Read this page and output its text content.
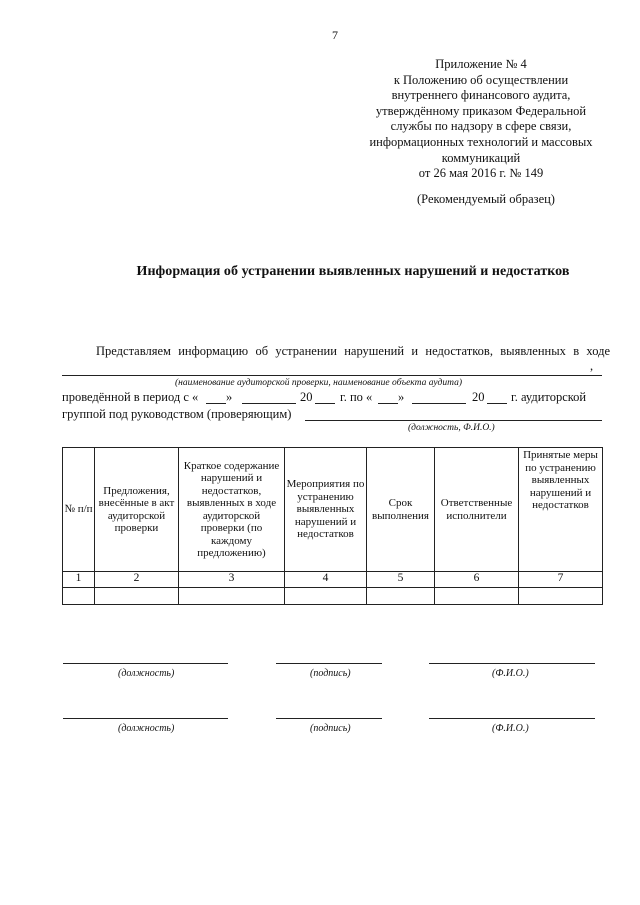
7
Приложение № 4
к Положению об осуществлении
внутреннего финансового аудита,
утверждённому приказом Федеральной
службы по надзору в сфере связи,
информационных технологий и массовых
коммуникаций
от 26 мая 2016 г. № 149
(Рекомендуемый образец)
Информация об устранении выявленных нарушений и недостатков
Представляем информацию об устранении нарушений и недостатков, выявленных в ходе
,
(наименование аудиторской проверки, наименование объекта аудита)
проведённой в период с « »	20 г. по « »	20 г. аудиторской
группой под руководством (проверяющим)
(должность, Ф.И.О.)
№ п/п	Предложения, внесённые в акт аудиторской проверки	Краткое содержание нарушений и недостатков, выявленных в ходе аудиторской проверки (по каждому предложению)	Мероприятия по устранению выявленных нарушений и недостатков	Срок выполнения	Ответственные исполнители	Принятые меры по устранению выявленных нарушений и недостатков
1	2	3	4	5	6	7

(должность)	(подпись)	(Ф.И.О.)
(должность)	(подпись)	(Ф.И.О.)
